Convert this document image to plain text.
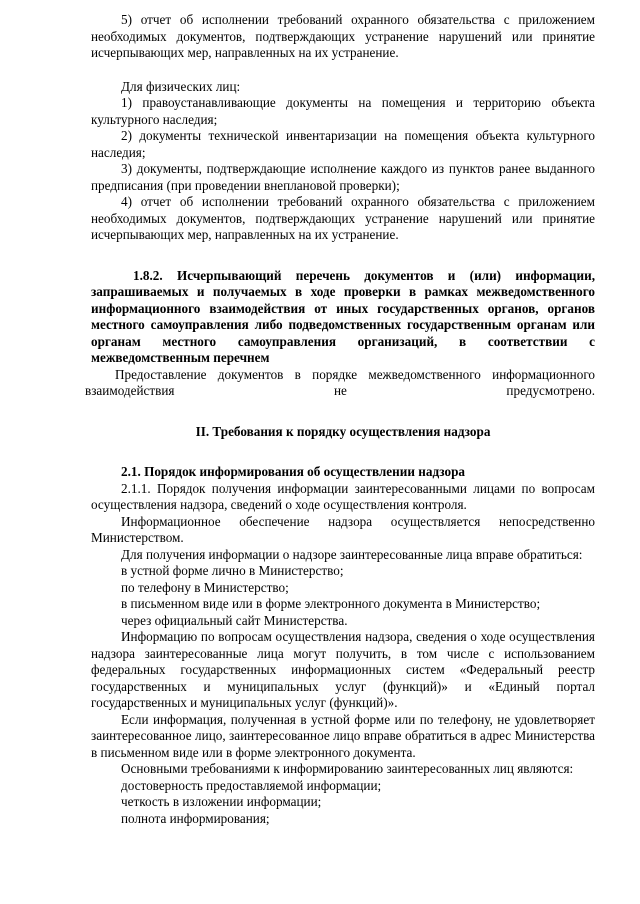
5) отчет об исполнении требований охранного обязательства с приложением необходимых документов, подтверждающих устранение нарушений или принятие исчерпывающих мер, направленных на их устранение.

Для физических лиц:

1) правоустанавливающие документы на помещения и территорию объекта культурного наследия;

2) документы технической инвентаризации на помещения объекта культурного наследия;

3) документы, подтверждающие исполнение каждого из пунктов ранее выданного предписания (при проведении внеплановой проверки);

4) отчет об исполнении требований охранного обязательства с приложением необходимых документов, подтверждающих устранение нарушений или принятие исчерпывающих мер, направленных на их устранение.

1.8.2. Исчерпывающий перечень документов и (или) информации, запрашиваемых и получаемых в ходе проверки в рамках межведомственного информационного взаимодействия от иных государственных органов, органов местного самоуправления либо подведомственных государственным органам или органам местного самоуправления организаций, в соответствии с межведомственным перечнем

Предоставление документов в порядке межведомственного информационного взаимодействия не предусмотрено.

II. Требования к порядку осуществления надзора

2.1. Порядок информирования об осуществлении надзора

2.1.1. Порядок получения информации заинтересованными лицами по вопросам осуществления надзора, сведений о ходе осуществления контроля.

Информационное обеспечение надзора осуществляется непосредственно Министерством.

Для получения информации о надзоре заинтересованные лица вправе обратиться:

в устной форме лично в Министерство;

по телефону в Министерство;

в письменном виде или в форме электронного документа в Министерство;

через официальный сайт Министерства.

Информацию по вопросам осуществления надзора, сведения о ходе осуществления надзора заинтересованные лица могут получить, в том числе с использованием федеральных государственных информационных систем «Федеральный реестр государственных и муниципальных услуг (функций)» и «Единый портал государственных и муниципальных услуг (функций)».

Если информация, полученная в устной форме или по телефону, не удовлетворяет заинтересованное лицо, заинтересованное лицо вправе обратиться в адрес Министерства в письменном виде или в форме электронного документа.

Основными требованиями к информированию заинтересованных лиц являются:

достоверность предоставляемой информации;

четкость в изложении информации;

полнота информирования;
